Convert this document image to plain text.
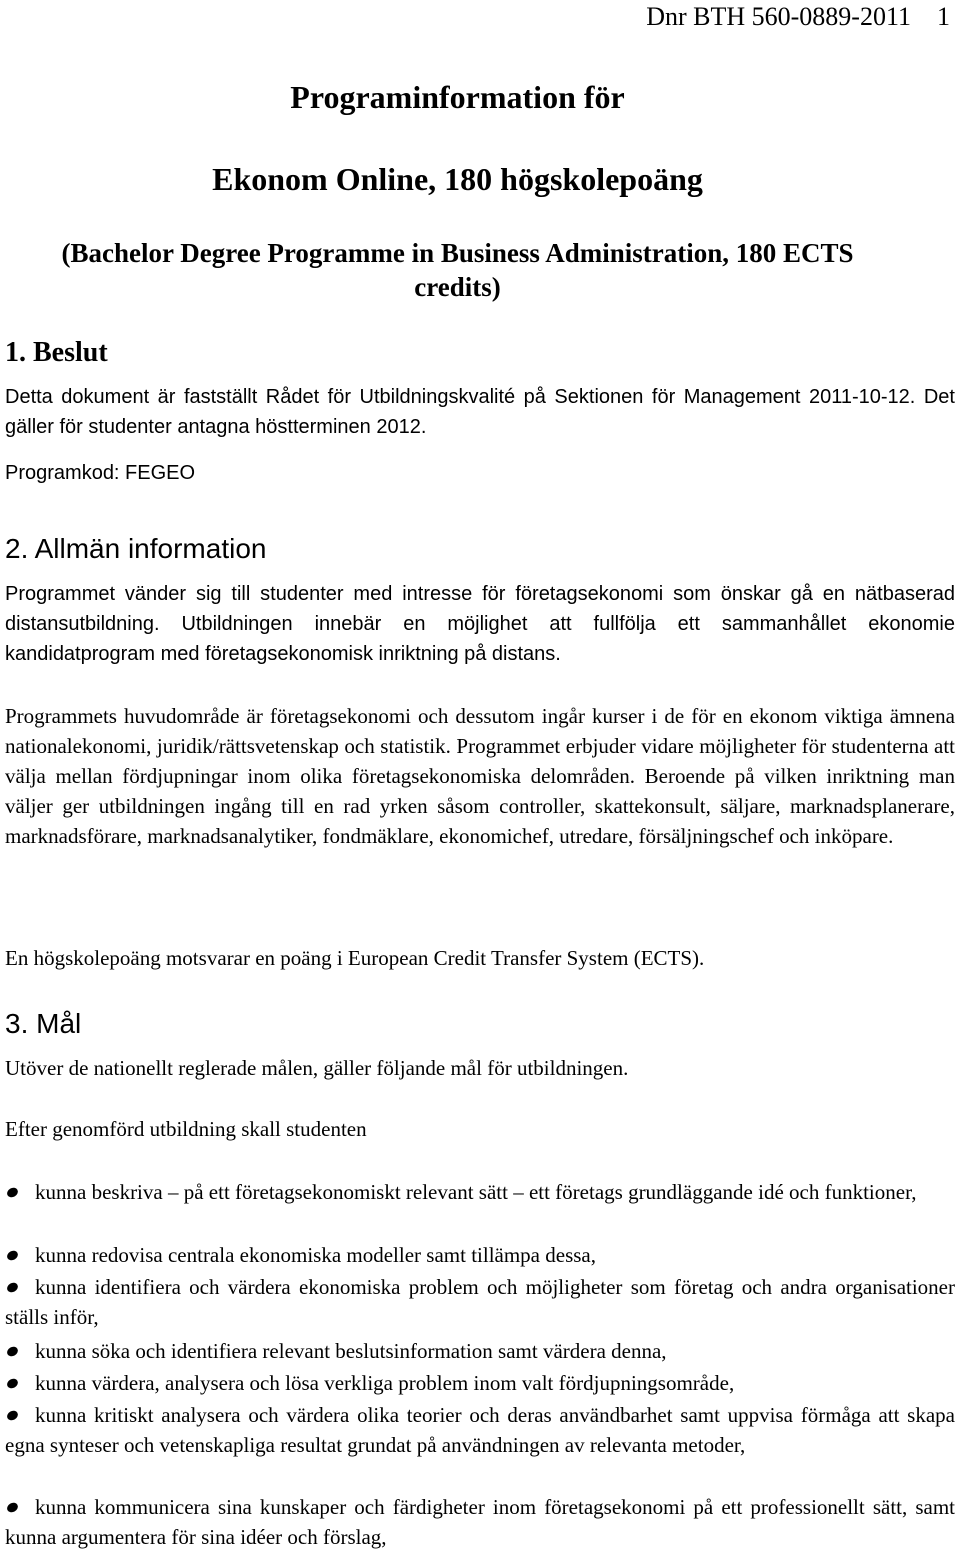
Dnr BTH 560-0889-2011 1
Programinformation för
Ekonom Online, 180 högskolepoäng
(Bachelor Degree Programme in Business Administration, 180 ECTS
credits)
1. Beslut

Detta dokument är fastställt Rådet för Utbildningskvalité på Sektionen för Management 2011-10-12. Det gäller för studenter antagna höstterminen 2012.

Programkod: FEGEO

2. Allmän information

Programmet vänder sig till studenter med intresse för företagsekonomi som önskar gå en nätbaserad distansutbildning. Utbildningen innebär en möjlighet att fullfölja ett sammanhållet ekonomie kandidatprogram med företagsekonomisk inriktning på distans.

Programmets huvudområde är företagsekonomi och dessutom ingår kurser i de för en ekonom viktiga ämnena nationalekonomi, juridik/rättsvetenskap och statistik. Programmet erbjuder vidare möjligheter för studenterna att välja mellan fördjupningar inom olika företagsekonomiska delområden. Beroende på vilken inriktning man väljer ger utbildningen ingång till en rad yrken såsom controller, skattekonsult, säljare, marknadsplanerare, marknadsförare, marknadsanalytiker, fondmäklare, ekonomichef, utredare, försäljningschef och inköpare.

En högskolepoäng motsvarar en poäng i European Credit Transfer System (ECTS).

3. Mål

Utöver de nationellt reglerade målen, gäller följande mål för utbildningen.

Efter genomförd utbildning skall studenten

kunna beskriva – på ett företagsekonomiskt relevant sätt – ett företags grundläggande idé och funktioner,
kunna redovisa centrala ekonomiska modeller samt tillämpa dessa,
kunna identifiera och värdera ekonomiska problem och möjligheter som företag och andra organisationer ställs inför,
kunna söka och identifiera relevant beslutsinformation samt värdera denna,
kunna värdera, analysera och lösa verkliga problem inom valt fördjupningsområde,
kunna kritiskt analysera och värdera olika teorier och deras användbarhet samt uppvisa förmåga att skapa egna synteser och vetenskapliga resultat grundat på användningen av relevanta metoder,
kunna kommunicera sina kunskaper och färdigheter inom företagsekonomi på ett professionellt sätt, samt kunna argumentera för sina idéer och förslag,
